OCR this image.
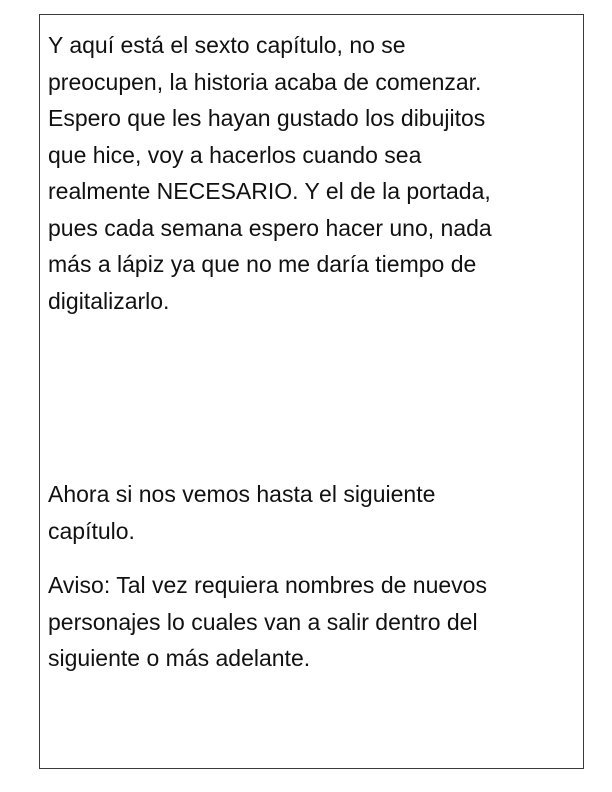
Y aquí está el sexto capítulo, no se
preocupen, la historia acaba de comenzar.
Espero que les hayan gustado los dibujitos
que hice, voy a hacerlos cuando sea
realmente NECESARIO. Y el de la portada,
pues cada semana espero hacer uno, nada
más a lápiz ya que no me daría tiempo de
digitalizarlo.

Ahora si nos vemos hasta el siguiente
capítulo.

Aviso: Tal vez requiera nombres de nuevos
personajes lo cuales van a salir dentro del
siguiente o más adelante.
